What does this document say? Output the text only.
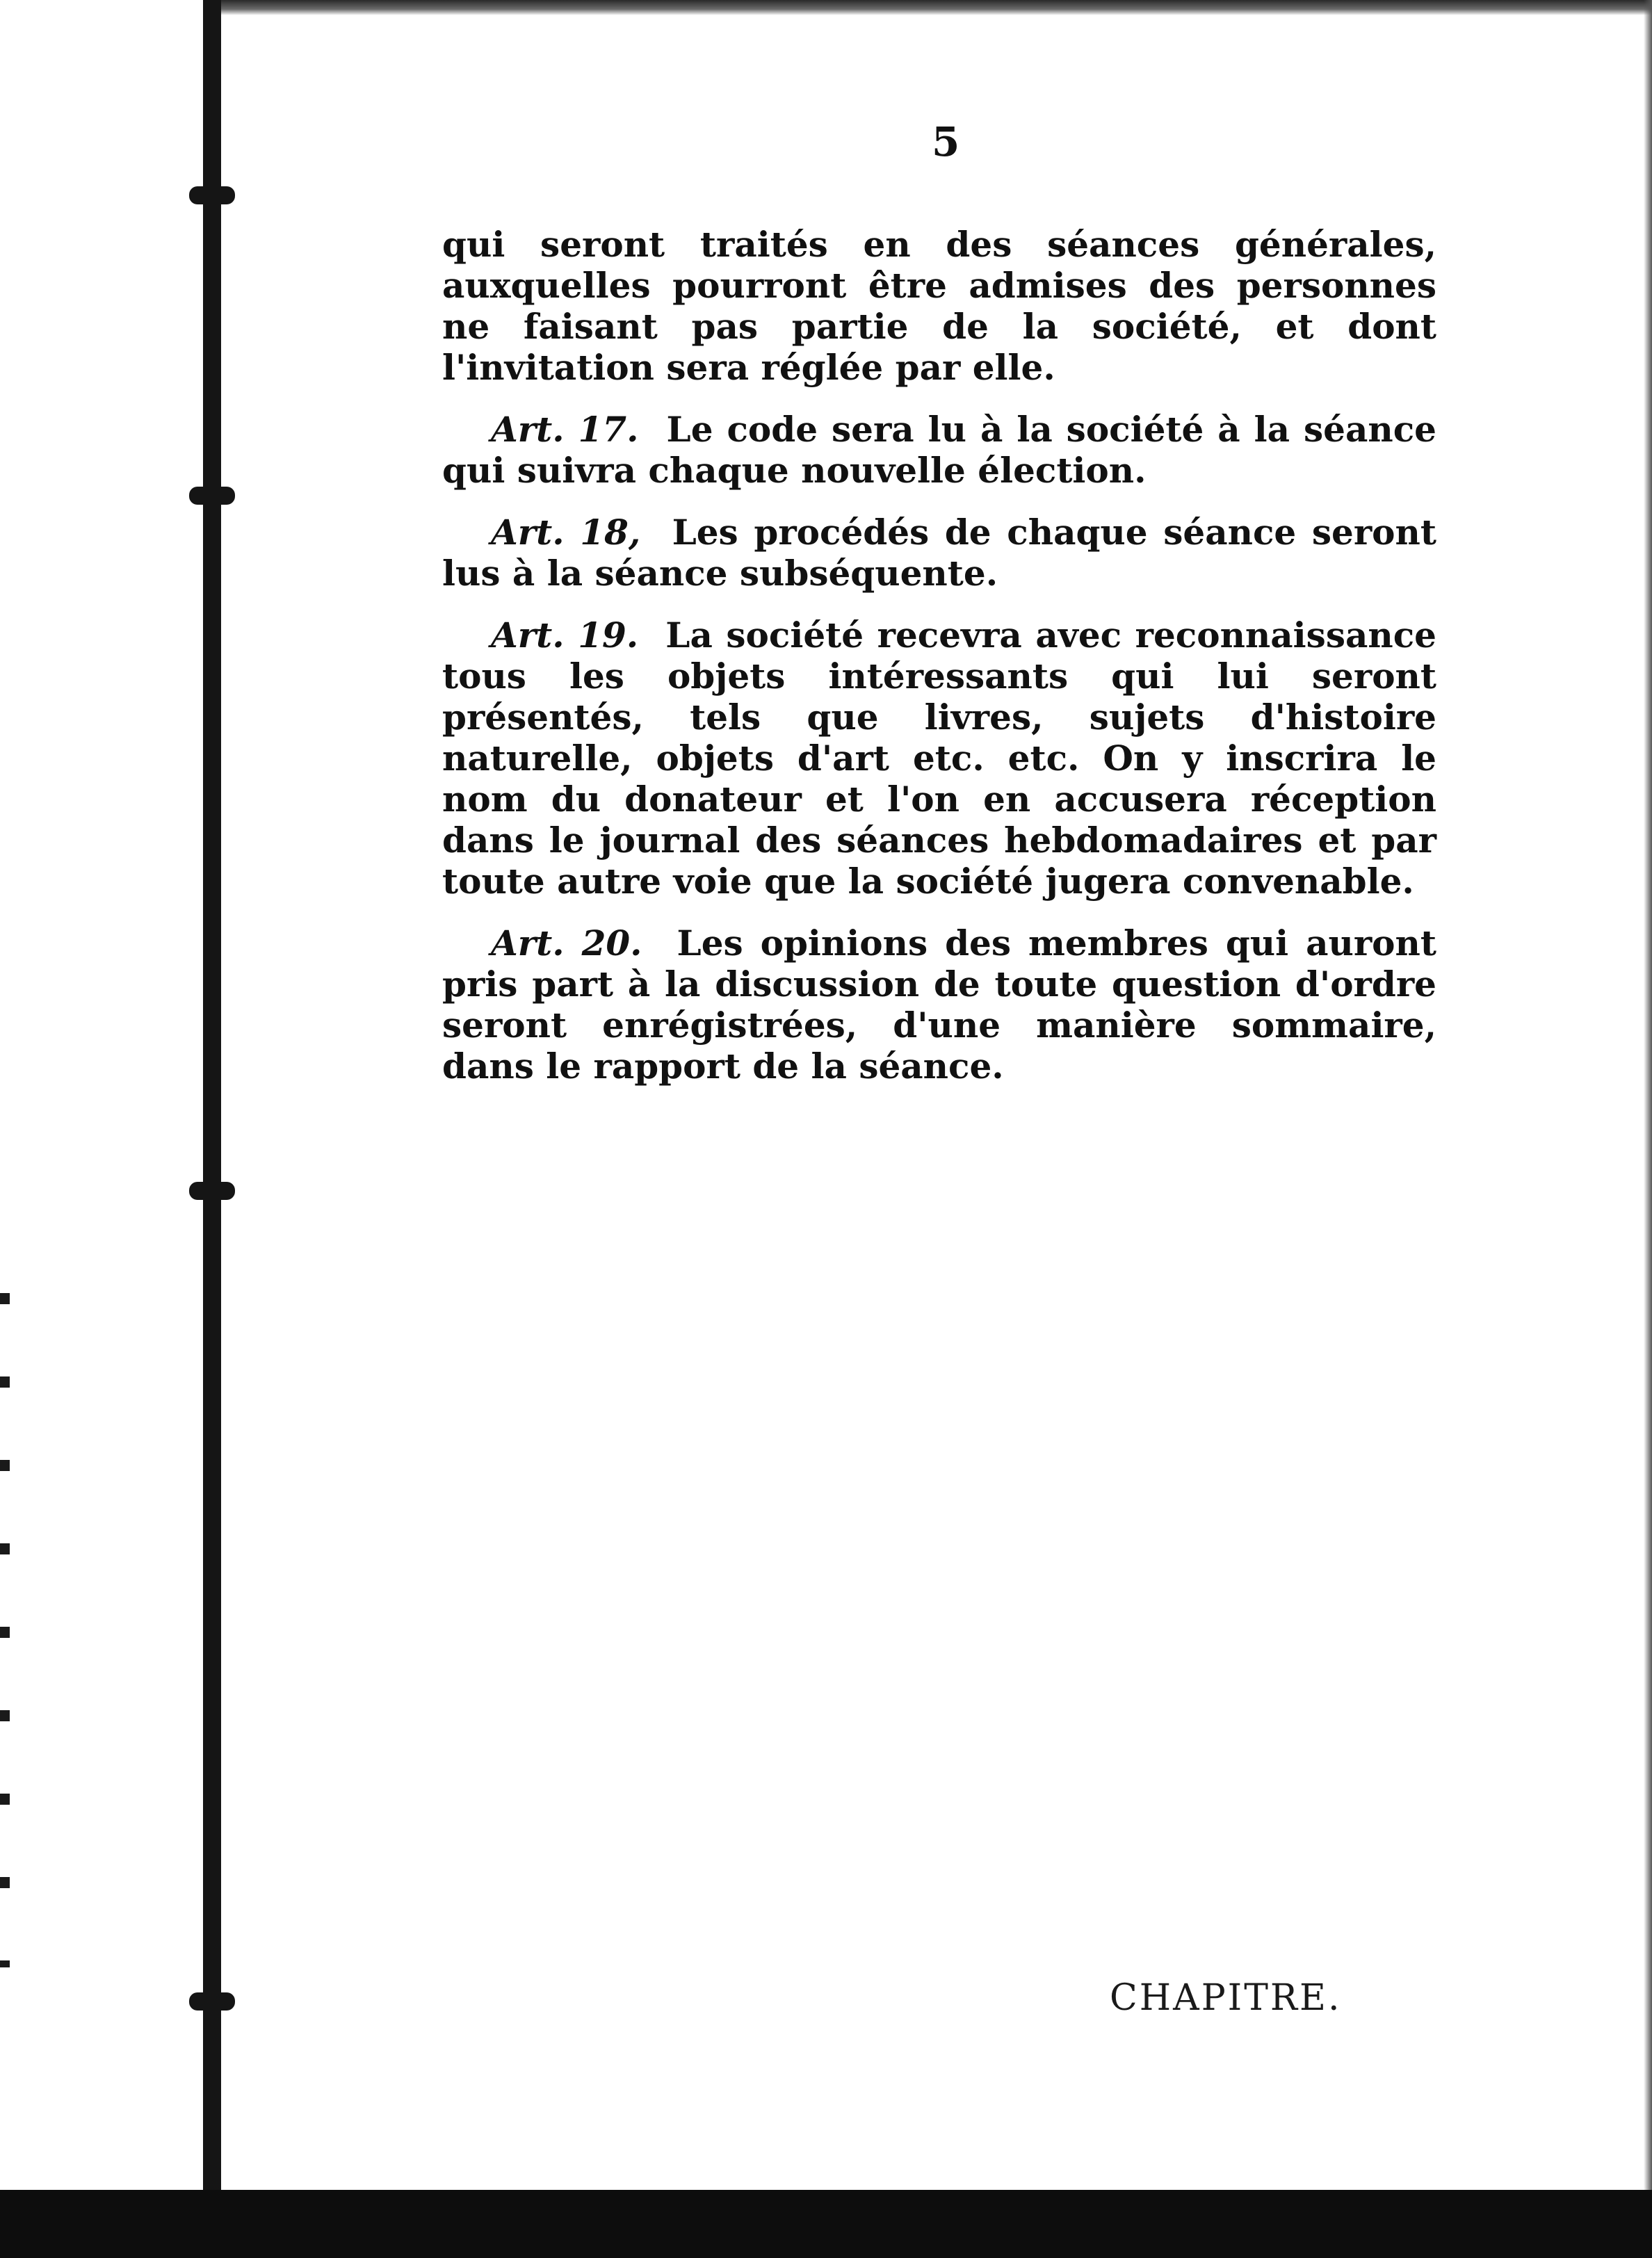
5

qui seront traités en des séances générales, auxquelles pourront être admises des personnes ne faisant pas partie de la société, et dont l'invitation sera réglée par elle.

Art. 17. Le code sera lu à la société à la séance qui suivra chaque nouvelle élection.

Art. 18, Les procédés de chaque séance seront lus à la séance subséquente.

Art. 19. La société recevra avec reconnaissance tous les objets intéressants qui lui seront présentés, tels que livres, sujets d'histoire naturelle, objets d'art etc. etc. On y inscrira le nom du donateur et l'on en accusera réception dans le journal des séances hebdomadaires et par toute autre voie que la société jugera convenable.

Art. 20. Les opinions des membres qui auront pris part à la discussion de toute question d'ordre seront enrégistrées, d'une manière sommaire, dans le rapport de la séance.

CHAPITRE.
